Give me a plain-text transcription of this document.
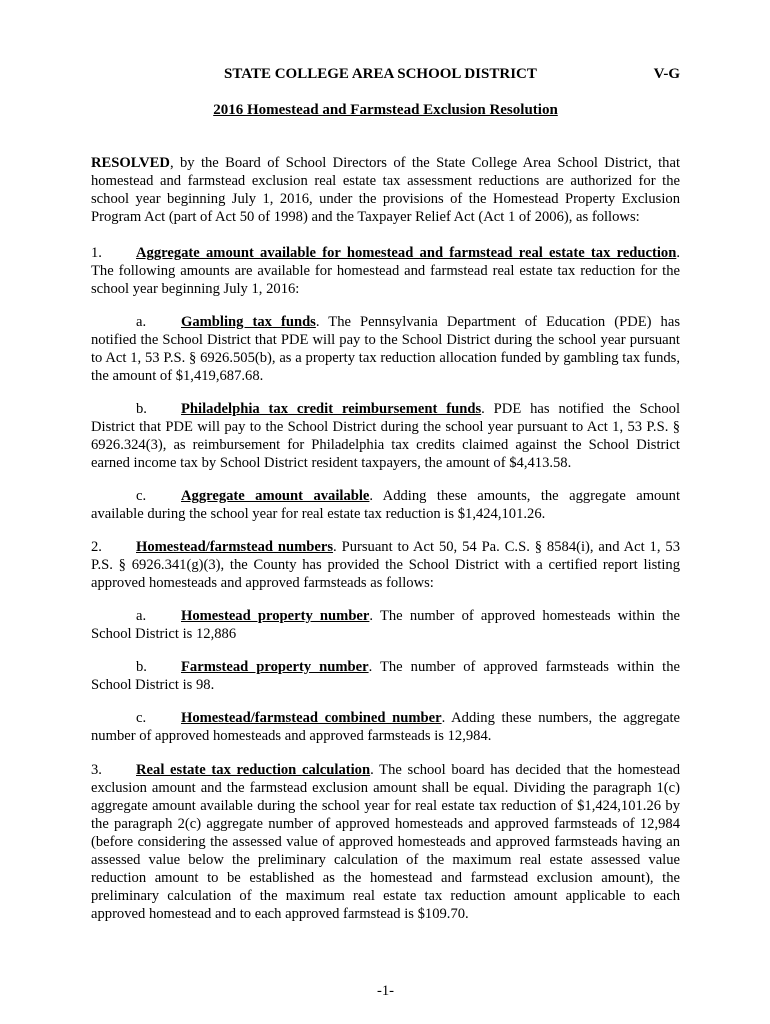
STATE COLLEGE AREA SCHOOL DISTRICT	V-G
2016 Homestead and Farmstead Exclusion Resolution

RESOLVED, by the Board of School Directors of the State College Area School District, that homestead and farmstead exclusion real estate tax assessment reductions are authorized for the school year beginning July 1, 2016, under the provisions of the Homestead Property Exclusion Program Act (part of Act 50 of 1998) and the Taxpayer Relief Act (Act 1 of 2006), as follows:

1. Aggregate amount available for homestead and farmstead real estate tax reduction. The following amounts are available for homestead and farmstead real estate tax reduction for the school year beginning July 1, 2016:

a. Gambling tax funds. The Pennsylvania Department of Education (PDE) has notified the School District that PDE will pay to the School District during the school year pursuant to Act 1, 53 P.S. § 6926.505(b), as a property tax reduction allocation funded by gambling tax funds, the amount of $1,419,687.68.

b. Philadelphia tax credit reimbursement funds. PDE has notified the School District that PDE will pay to the School District during the school year pursuant to Act 1, 53 P.S. § 6926.324(3), as reimbursement for Philadelphia tax credits claimed against the School District earned income tax by School District resident taxpayers, the amount of $4,413.58.

c. Aggregate amount available. Adding these amounts, the aggregate amount available during the school year for real estate tax reduction is $1,424,101.26.

2. Homestead/farmstead numbers. Pursuant to Act 50, 54 Pa. C.S. § 8584(i), and Act 1, 53 P.S. § 6926.341(g)(3), the County has provided the School District with a certified report listing approved homesteads and approved farmsteads as follows:

a. Homestead property number. The number of approved homesteads within the School District is 12,886

b. Farmstead property number. The number of approved farmsteads within the School District is 98.

c. Homestead/farmstead combined number. Adding these numbers, the aggregate number of approved homesteads and approved farmsteads is 12,984.

3. Real estate tax reduction calculation. The school board has decided that the homestead exclusion amount and the farmstead exclusion amount shall be equal. Dividing the paragraph 1(c) aggregate amount available during the school year for real estate tax reduction of $1,424,101.26 by the paragraph 2(c) aggregate number of approved homesteads and approved farmsteads of 12,984 (before considering the assessed value of approved homesteads and approved farmsteads having an assessed value below the preliminary calculation of the maximum real estate assessed value reduction amount to be established as the homestead and farmstead exclusion amount), the preliminary calculation of the maximum real estate tax reduction amount applicable to each approved homestead and to each approved farmstead is $109.70.

-1-
